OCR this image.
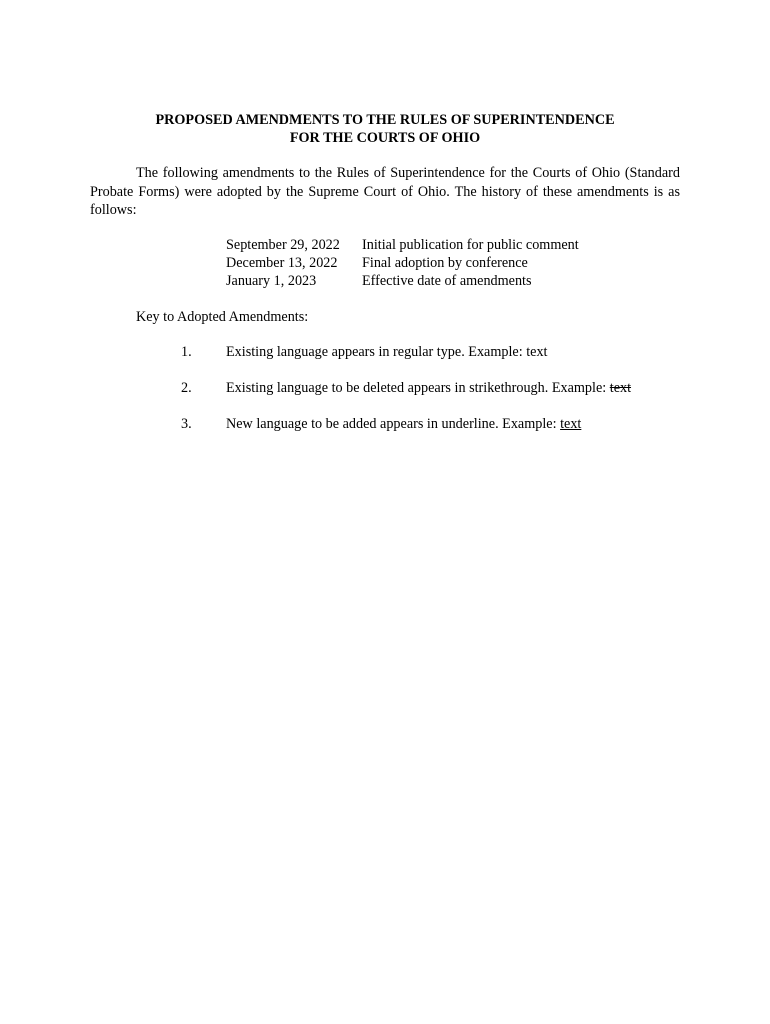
PROPOSED AMENDMENTS TO THE RULES OF SUPERINTENDENCE
FOR THE COURTS OF OHIO

The following amendments to the Rules of Superintendence for the Courts of Ohio (Standard Probate Forms) were adopted by the Supreme Court of Ohio. The history of these amendments is as follows:

September 29, 2022 Initial publication for public comment
December 13, 2022 Final adoption by conference
January 1, 2023	Effective date of amendments
Key to Adopted Amendments:
1. Existing language appears in regular type. Example: text
2. Existing language to be deleted appears in strikethrough. Example: text
3. New language to be added appears in underline. Example: text
